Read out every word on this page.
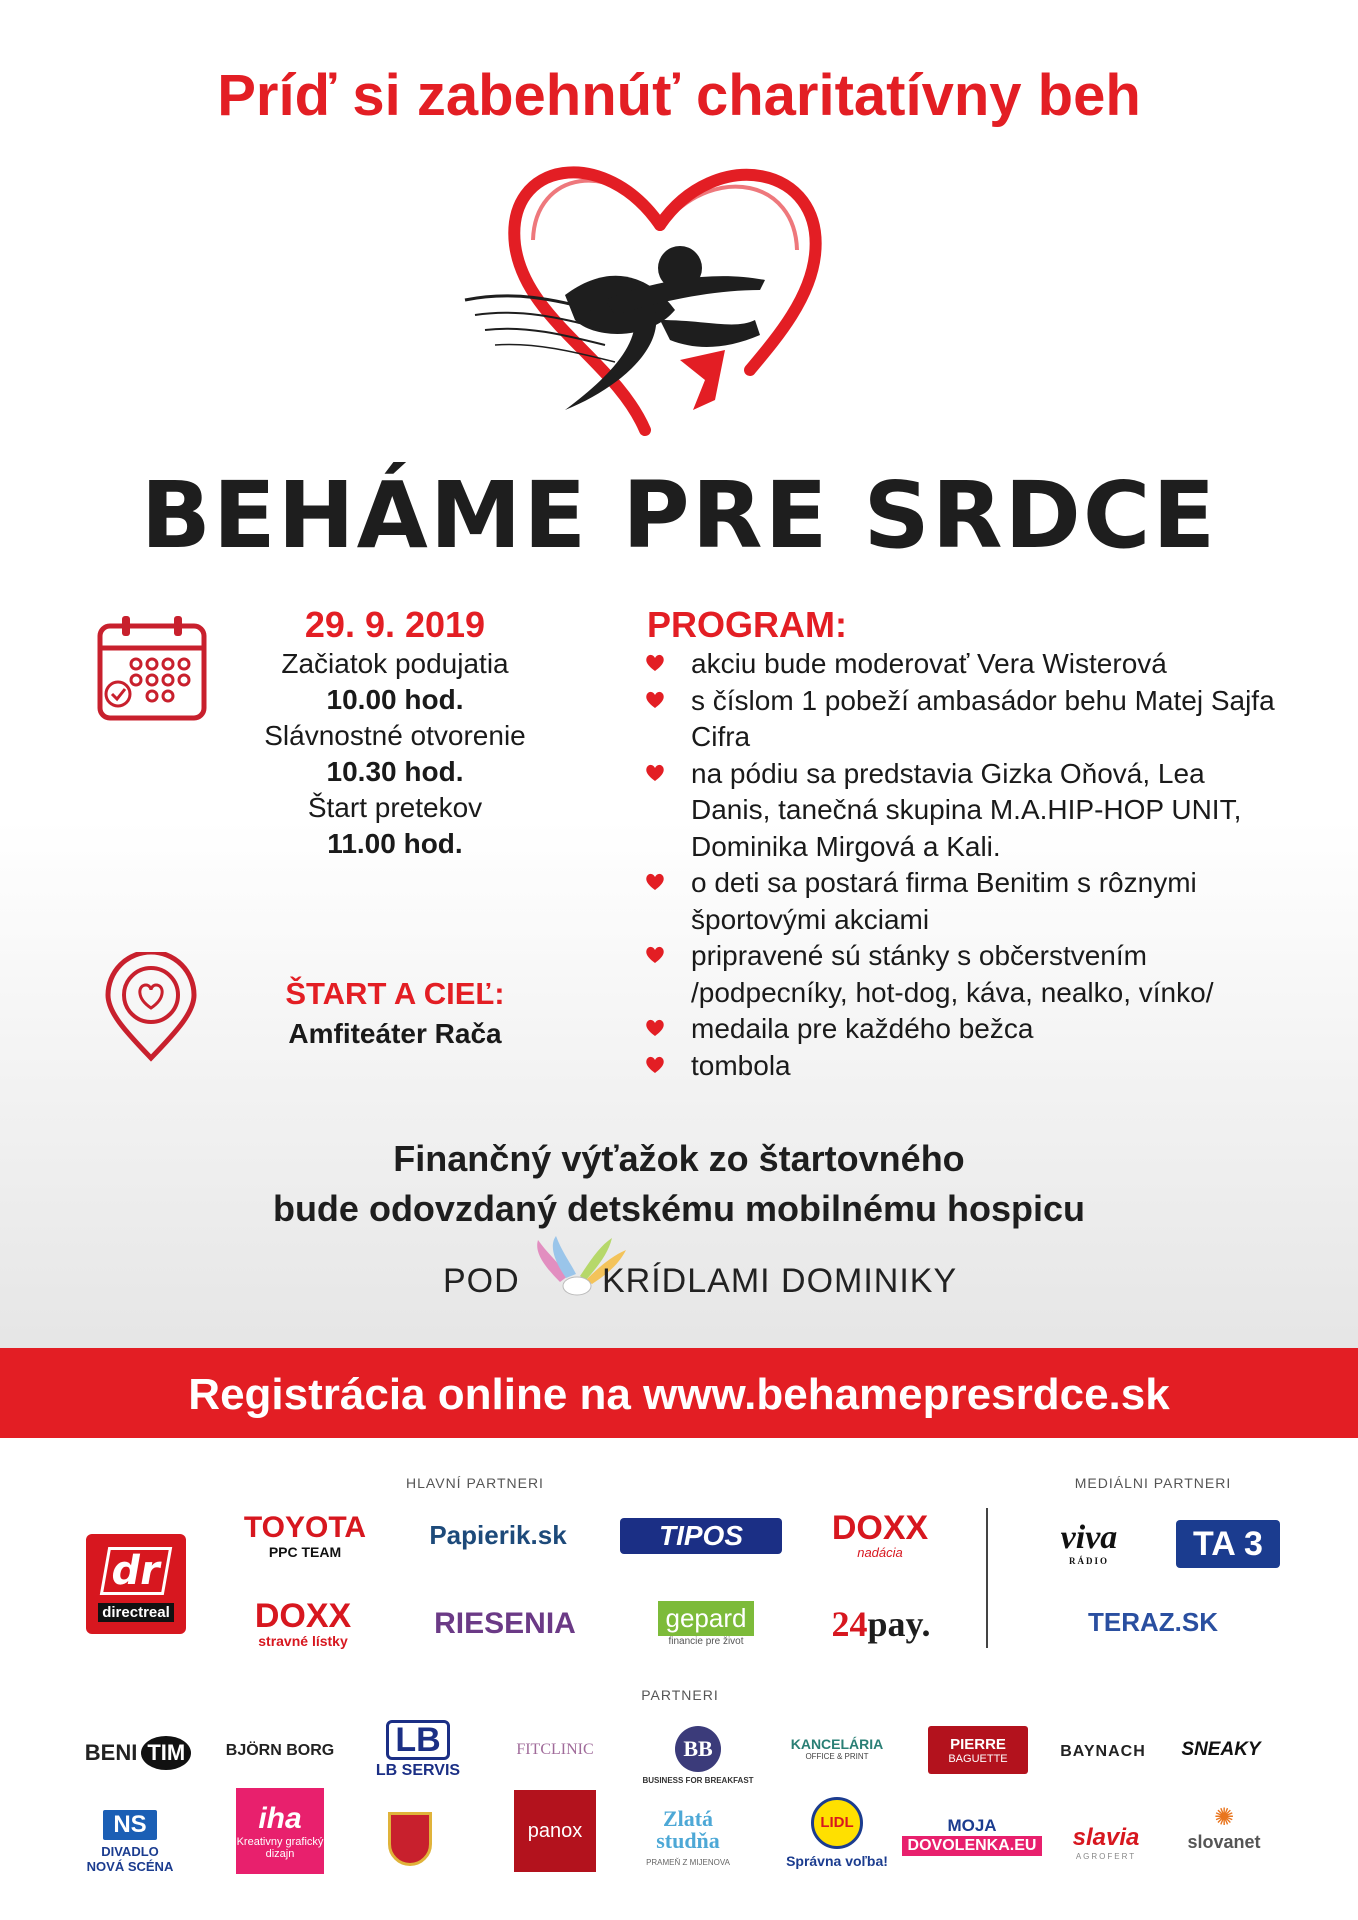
Príď si zabehnúť charitatívny beh
BEHÁME PRE SRDCE
29. 9. 2019
Začiatok podujatia
10.00 hod.
Slávnostné otvorenie
10.30 hod.
Štart pretekov
11.00 hod.
ŠTART A CIEĽ:
Amfiteáter Rača
PROGRAM:
akciu bude moderovať Vera Wisterová
s číslom 1 pobeží ambasádor behu Matej Sajfa Cifra
na pódiu sa predstavia Gizka Oňová, Lea Danis, tanečná skupina M.A.HIP-HOP UNIT, Dominika Mirgová a Kali.
o deti sa postará firma Benitim s rôznymi športovými akciami
pripravené sú stánky s občerstvením /podpecníky, hot-dog, káva, nealko, vínko/
medaila pre každého bežca
tombola
Finančný výťažok zo štartovného
bude odovzdaný detskému mobilnému hospicu
POD KRÍDLAMI DOMINIKY
Registrácia online na www.behamepresrdce.sk
HLAVNÍ PARTNERI	MEDIÁLNI PARTNERI
dr
directreal
TOYOTA
PPC TEAM
Papierik.sk	TIPOS	DOXX
nadácia
DOXX
stravné lístky
RIESENIA	gepard
financie pre život 24 pay.
viva
RÁDIO	TA 3
TERAZ.SK
PARTNERI
BENI TIM	BJÖRN BORG	LB
LB SERVIS
FITCLINIC	BB
BUSINESS FOR BREAKFAST
KANCELÁRIA
OFFICE & PRINT
PIERRE
BAGUETTE	BAYNACH	SNEAKY
NS
DIVADLO
NOVÁ SCÉNA
iha
Kreativny grafický dizajn
panox	Zlatá studňa
PRAMEŇ Z MIJENOVA
LIDL
Správna voľba!
MOJA
DOVOLENKA.EU slavia
AGROFERT
✺
slovanet
